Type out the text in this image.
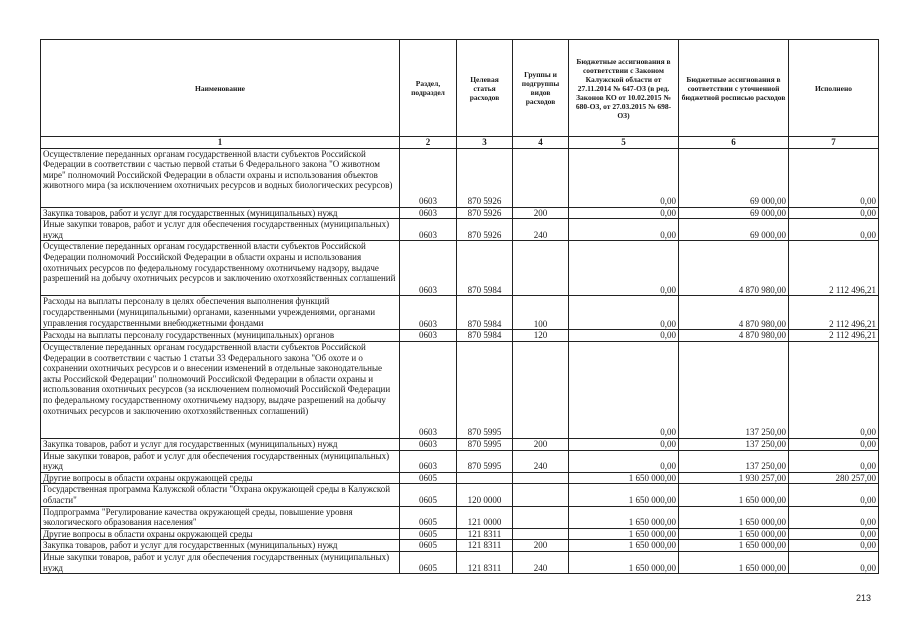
Наименование	Раздел, подраздел	Целевая статья расходов	Группы и подгруппы видов расходов	Бюджетные ассигнования в соответствии с Законом Калужской области от 27.11.2014 № 647-ОЗ (в ред. Законов КО от 10.02.2015 № 680-ОЗ, от 27.03.2015 № 698-ОЗ)	Бюджетные ассигнования в соответствии с уточненной бюджетной росписью расходов	Исполнено
1	2	3	4	5	6	7
Осуществление переданных органам государственной власти субъектов Российской Федерации в соответствии с частью первой статьи 6 Федерального закона "О животном мире" полномочий Российской Федерации в области охраны и использования объектов животного мира (за исключением охотничьих ресурсов и водных биологических ресурсов)	0603	870 5926		0,00	69 000,00	0,00
Закупка товаров, работ и услуг для государственных (муниципальных) нужд	0603	870 5926	200	0,00	69 000,00	0,00
Иные закупки товаров, работ и услуг для обеспечения государственных (муниципальных) нужд	0603	870 5926	240	0,00	69 000,00	0,00
Осуществление переданных органам государственной власти субъектов Российской Федерации полномочий Российской Федерации в области охраны и использования охотничьих ресурсов по федеральному государственному охотничьему надзору, выдаче разрешений на добычу охотничьих ресурсов и заключению охотхозяйственных соглашений	0603	870 5984		0,00	4 870 980,00	2 112 496,21
Расходы на выплаты персоналу в целях обеспечения выполнения функций государственными (муниципальными) органами, казенными учреждениями, органами управления государственными внебюджетными фондами	0603	870 5984	100	0,00	4 870 980,00	2 112 496,21
Расходы на выплаты персоналу государственных (муниципальных) органов	0603	870 5984	120	0,00	4 870 980,00	2 112 496,21
Осуществление переданных органам государственной власти субъектов Российской Федерации в соответствии с частью 1 статьи 33 Федерального закона "Об охоте и о сохранении охотничьих ресурсов и о внесении изменений в отдельные законодательные акты Российской Федерации" полномочий Российской Федерации в области охраны и использования охотничьих ресурсов (за исключением полномочий Российской Федерации по федеральному государственному охотничьему надзору, выдаче разрешений на добычу охотничьих ресурсов и заключению охотхозяйственных соглашений)	0603	870 5995		0,00	137 250,00	0,00
Закупка товаров, работ и услуг для государственных (муниципальных) нужд	0603	870 5995	200	0,00	137 250,00	0,00
Иные закупки товаров, работ и услуг для обеспечения государственных (муниципальных) нужд	0603	870 5995	240	0,00	137 250,00	0,00
Другие вопросы в области охраны окружающей среды	0605			1 650 000,00	1 930 257,00	280 257,00
Государственная программа Калужской области "Охрана окружающей среды в Калужской области"	0605	120 0000		1 650 000,00	1 650 000,00	0,00
Подпрограмма "Регулирование качества окружающей среды, повышение уровня экологического образования населения"	0605	121 0000		1 650 000,00	1 650 000,00	0,00
Другие вопросы в области охраны окружающей среды	0605	121 8311		1 650 000,00	1 650 000,00	0,00
Закупка товаров, работ и услуг для государственных (муниципальных) нужд	0605	121 8311	200	1 650 000,00	1 650 000,00	0,00
Иные закупки товаров, работ и услуг для обеспечения государственных (муниципальных) нужд	0605	121 8311	240	1 650 000,00	1 650 000,00	0,00
213
